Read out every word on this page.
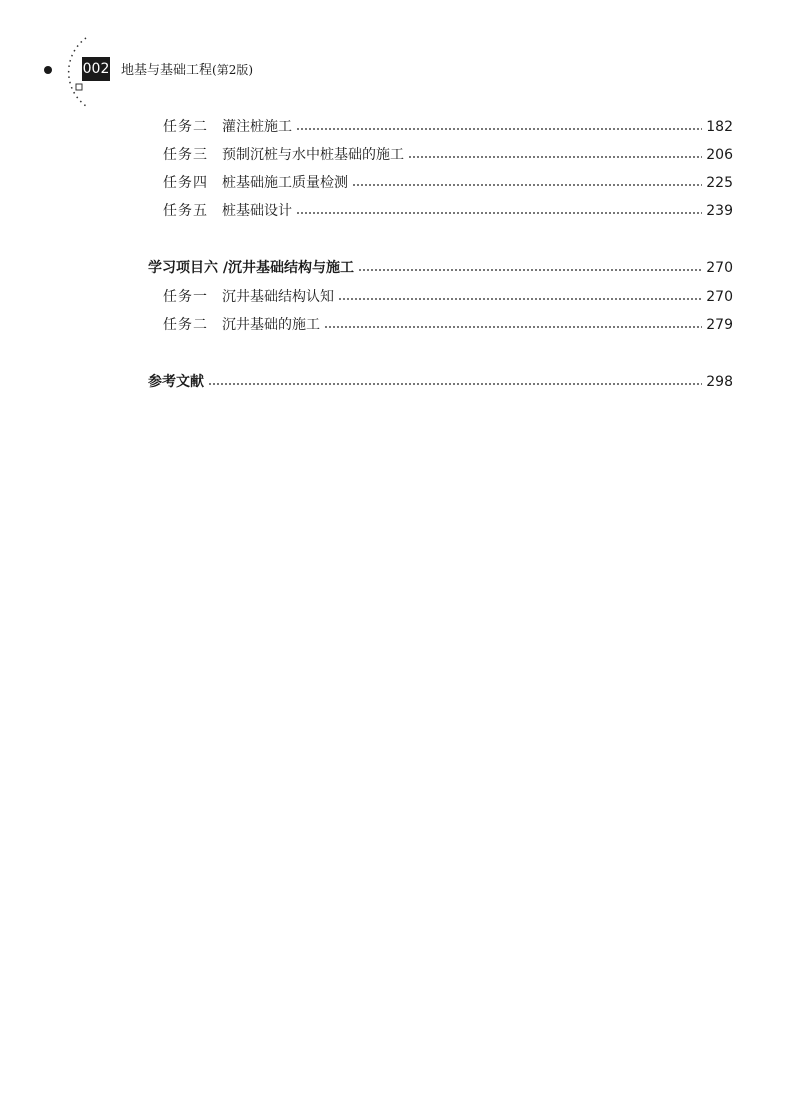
002 地基与基础工程(第2版)
任务二 灌注桩施工	182
任务三 预制沉桩与水中桩基础的施工	206
任务四 桩基础施工质量检测	225
任务五 桩基础设计	239
学习项目六 /沉井基础结构与施工	270
任务一 沉井基础结构认知	270
任务二 沉井基础的施工	279
参考文献	298
